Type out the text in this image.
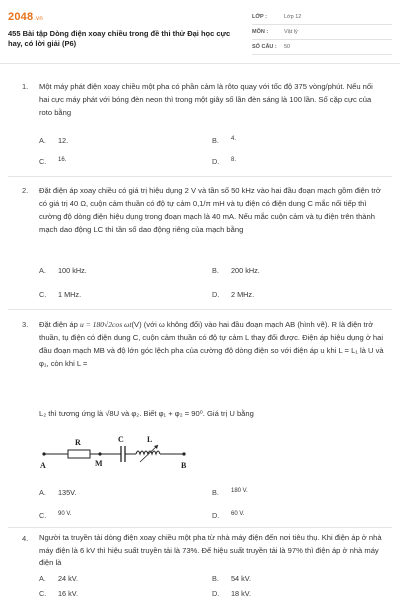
2048.vn
455 Bài tập Dòng điện xoay chiều trong đề thi thử Đại học cực hay, có lời giải (P6)
LỚP :	Lớp 12
MÔN :	Vật lý
SỐ CÂU :	50
1. Một máy phát điện xoay chiều một pha có phần cảm là rôto quay với tốc độ 375 vòng/phút. Nếu nối hai cực máy phát với bóng đèn neon thì trong một giây số lần đèn sáng là 100 lần. Số cặp cực của roto bằng
A.	12.	B.	4.
C.	16.	D.	8.
2. Đặt điện áp xoay chiều có giá trị hiệu dụng 2 V và tần số 50 kHz vào hai đầu đoạn mạch gồm điện trở có giá trị 40 Ω, cuộn cảm thuần có độ tự cảm 0,1/π mH và tụ điện có điện dung C mắc nối tiếp thì cường độ dòng điện hiệu dụng trong đoạn mạch là 40 mA. Nếu mắc cuộn cảm và tụ điện trên thành mạch dao động LC thì tần số dao động riêng của mạch bằng
A.	100 kHz.	B.	200 kHz.
C.	1 MHz.	D.	2 MHz.
3. Đặt điện áp u = 180√2cos ωt(V) (với ω không đổi) vào hai đầu đoạn mạch AB (hình vẽ). R là điện trở thuần, tụ điện có điện dung C, cuộn cảm thuần có độ tự cảm L thay đổi được. Điện áp hiệu dụng ở hai đầu đoạn mạch MB và độ lớn góc lệch pha của cường độ dòng điện so với điện áp u khi L = L₁ là U và φ₁, còn khi L =
L₂ thì tương ứng là √8U và φ₂. Biết φ₁ + φ₂ = 90⁰. Giá trị U bằng
R	C	L
A	M	B
A.	135V.	B.	180 V.
C.	90 V.	D.	60 V.
4. Người ta truyền tải dòng điện xoay chiều một pha từ nhà máy điện đến nơi tiêu thụ. Khi điện áp ở nhà máy điện là 6 kV thì hiệu suất truyền tải là 73%. Để hiệu suất truyền tải là 97% thì điện áp ở nhà máy điện là
A.	24 kV.	B.	54 kV.
C.	16 kV.	D.	18 kV.
